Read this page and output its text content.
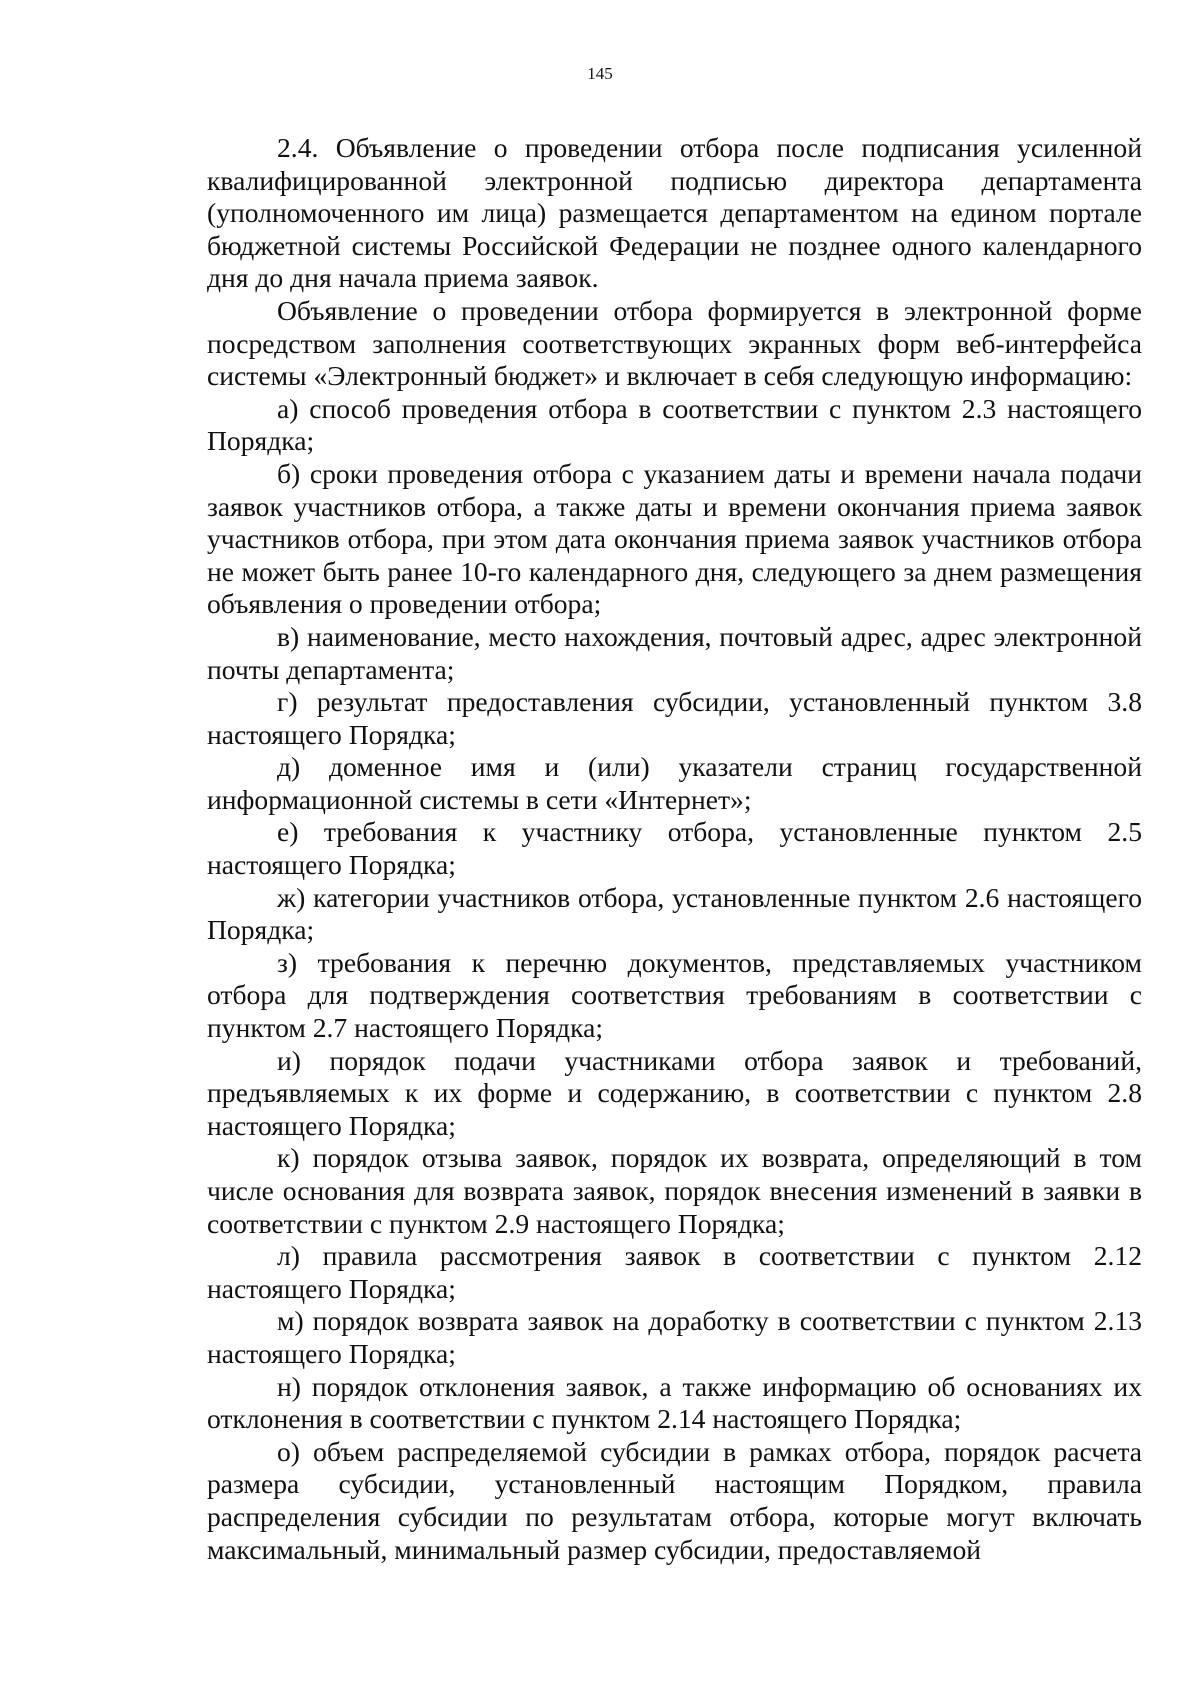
145

2.4. Объявление о проведении отбора после подписания усиленной квалифицированной электронной подписью директора департамента (уполномоченного им лица) размещается департаментом на едином портале бюджетной системы Российской Федерации не позднее одного календарного дня до дня начала приема заявок.

Объявление о проведении отбора формируется в электронной форме посредством заполнения соответствующих экранных форм веб-интерфейса системы «Электронный бюджет» и включает в себя следующую информацию:

а) способ проведения отбора в соответствии с пунктом 2.3 настоящего Порядка;

б) сроки проведения отбора с указанием даты и времени начала подачи заявок участников отбора, а также даты и времени окончания приема заявок участников отбора, при этом дата окончания приема заявок участников отбора не может быть ранее 10-го календарного дня, следующего за днем размещения объявления о проведении отбора;

в) наименование, место нахождения, почтовый адрес, адрес электронной почты департамента;

г) результат предоставления субсидии, установленный пунктом 3.8 настоящего Порядка;

д) доменное имя и (или) указатели страниц государственной информационной системы в сети «Интернет»;

е) требования к участнику отбора, установленные пунктом 2.5 настоящего Порядка;

ж) категории участников отбора, установленные пунктом 2.6 настоящего Порядка;

з) требования к перечню документов, представляемых участником отбора для подтверждения соответствия требованиям в соответствии с пунктом 2.7 настоящего Порядка;

и) порядок подачи участниками отбора заявок и требований, предъявляемых к их форме и содержанию, в соответствии с пунктом 2.8 настоящего Порядка;

к) порядок отзыва заявок, порядок их возврата, определяющий в том числе основания для возврата заявок, порядок внесения изменений в заявки в соответствии с пунктом 2.9 настоящего Порядка;

л) правила рассмотрения заявок в соответствии с пунктом 2.12 настоящего Порядка;

м) порядок возврата заявок на доработку в соответствии с пунктом 2.13 настоящего Порядка;

н) порядок отклонения заявок, а также информацию об основаниях их отклонения в соответствии с пунктом 2.14 настоящего Порядка;

о) объем распределяемой субсидии в рамках отбора, порядок расчета размера субсидии, установленный настоящим Порядком, правила распределения субсидии по результатам отбора, которые могут включать максимальный, минимальный размер субсидии, предоставляемой
